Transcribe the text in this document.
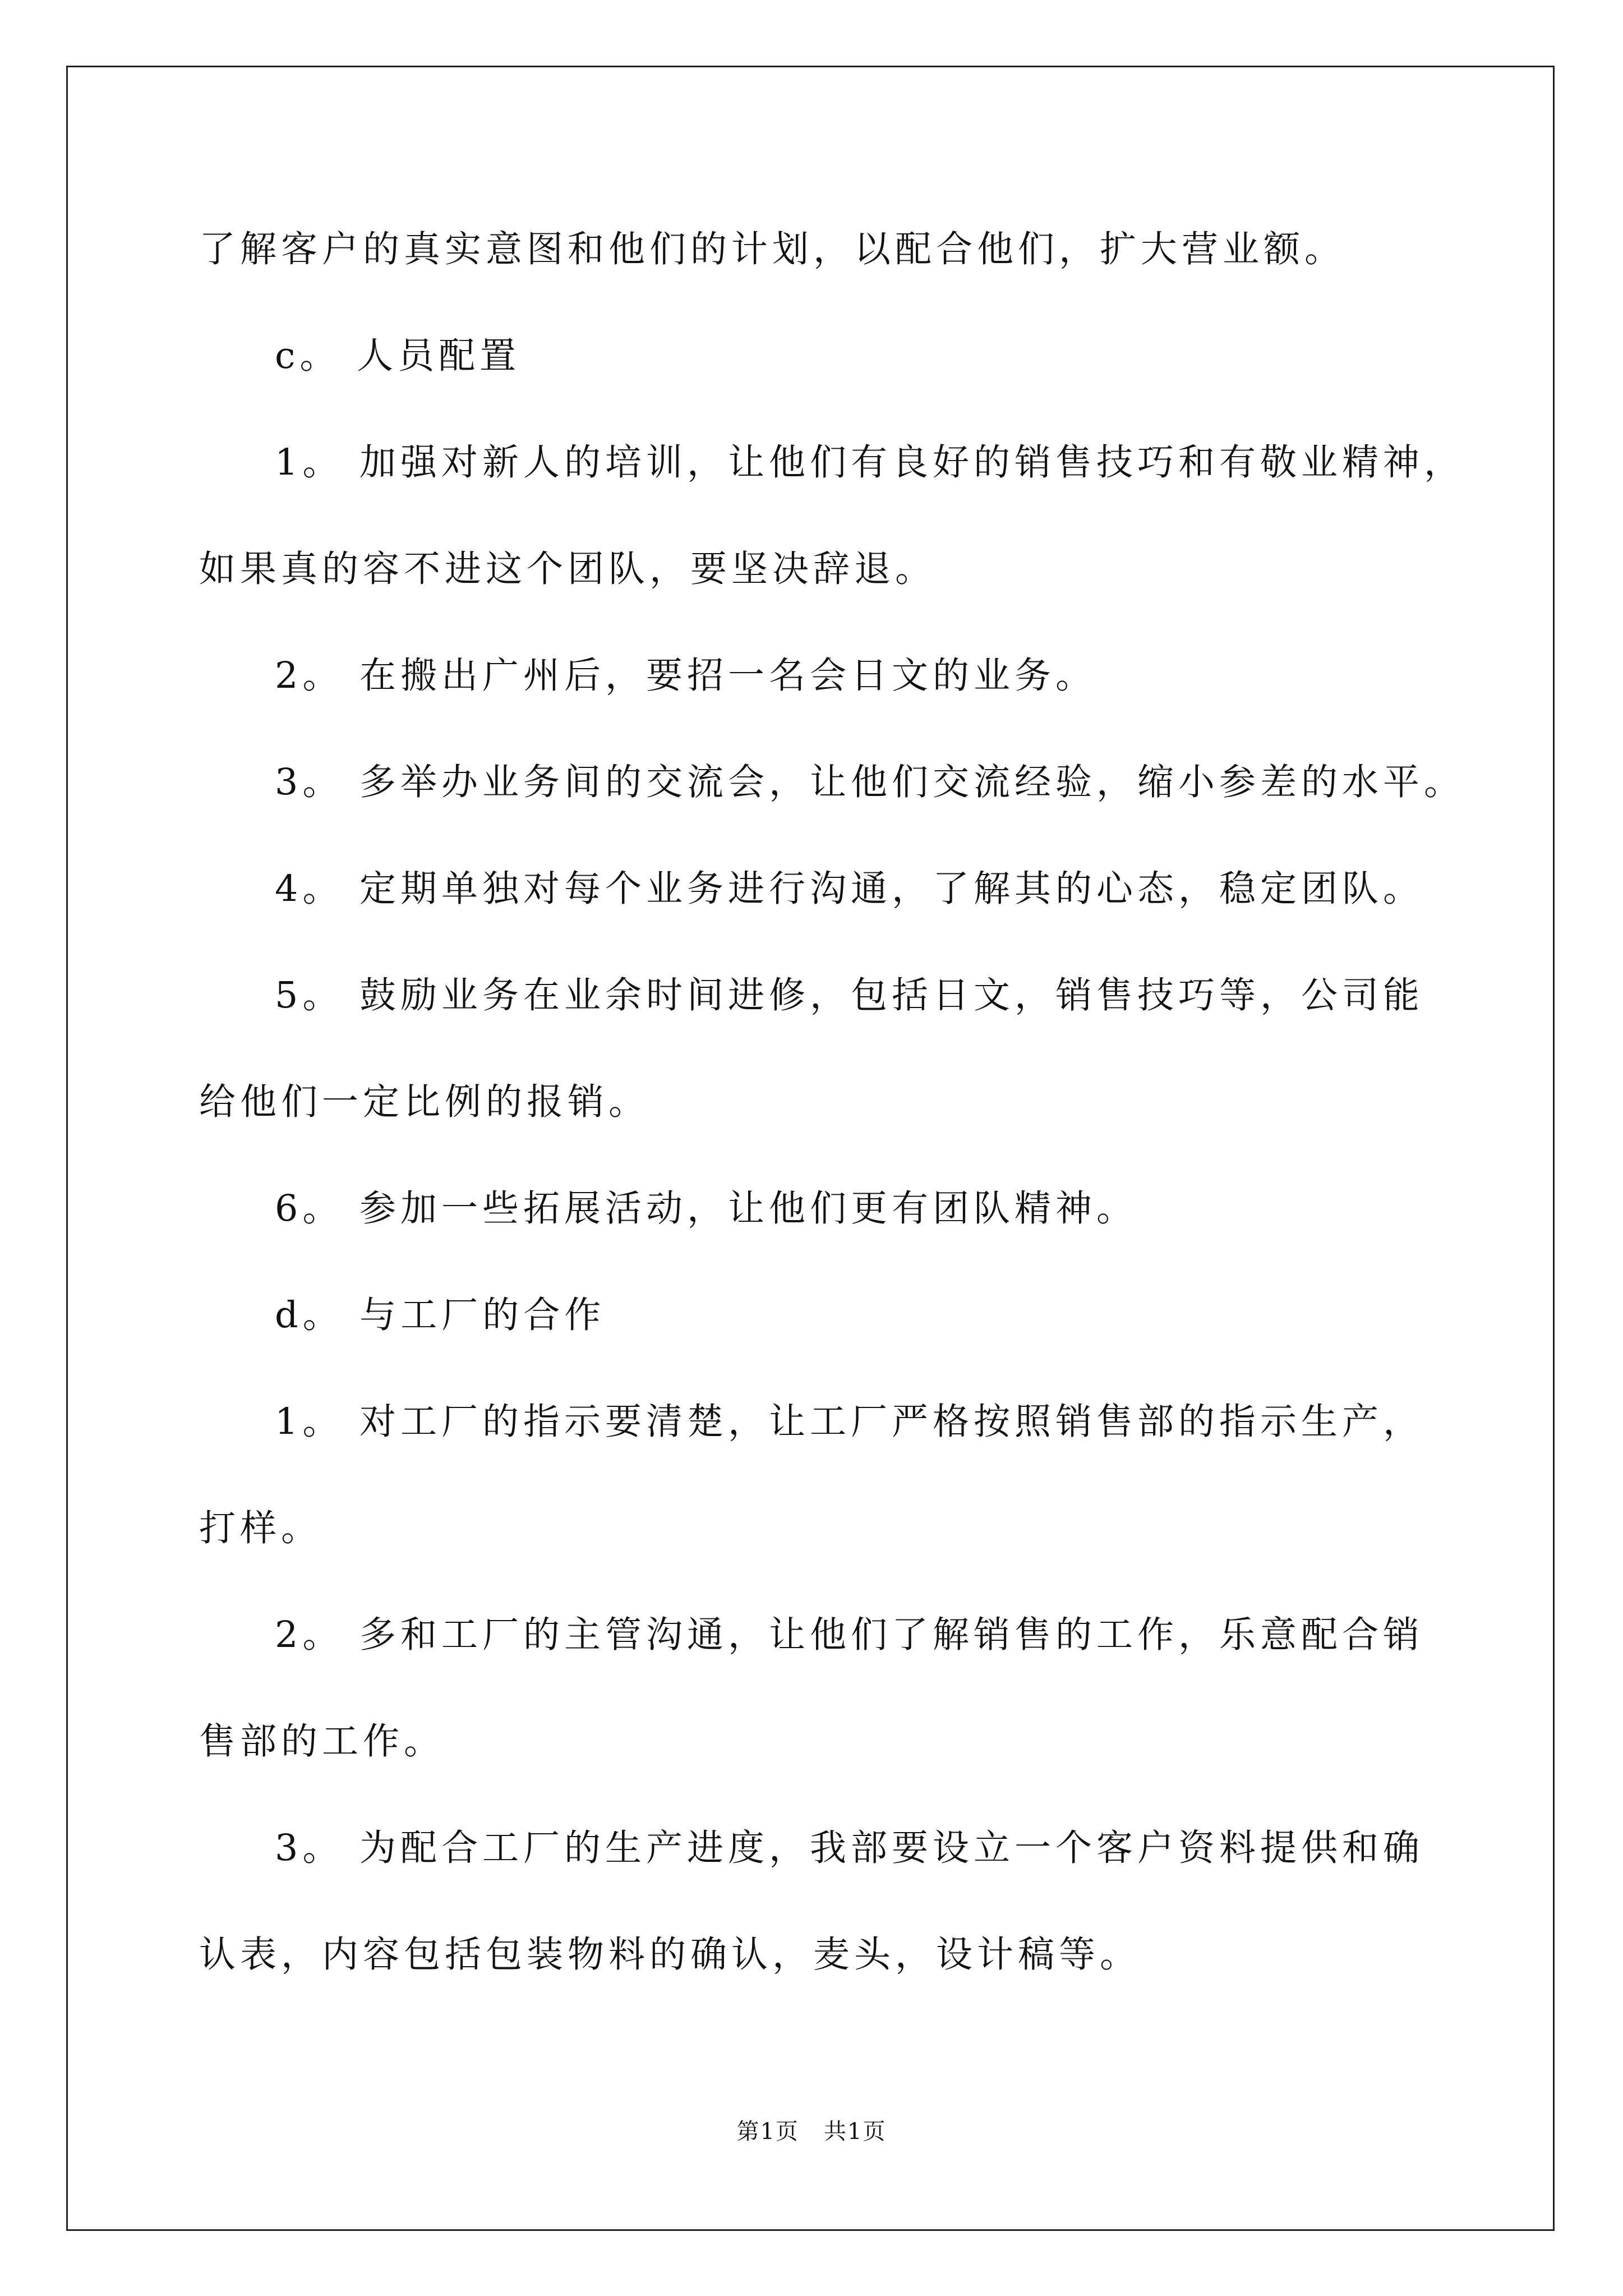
了解客户的真实意图和他们的计划，以配合他们，扩大营业额。
c。 人员配置
1。 加强对新人的培训，让他们有良好的销售技巧和有敬业精神，
如果真的容不进这个团队，要坚决辞退。
2。 在搬出广州后，要招一名会日文的业务。
3。 多举办业务间的交流会，让他们交流经验，缩小参差的水平。
4。 定期单独对每个业务进行沟通，了解其的心态，稳定团队。
5。 鼓励业务在业余时间进修，包括日文，销售技巧等，公司能
给他们一定比例的报销。
6。 参加一些拓展活动，让他们更有团队精神。
d。 与工厂的合作
1。 对工厂的指示要清楚，让工厂严格按照销售部的指示生产，
打样。
2。 多和工厂的主管沟通，让他们了解销售的工作，乐意配合销
售部的工作。
3。 为配合工厂的生产进度，我部要设立一个客户资料提供和确
认表，内容包括包装物料的确认，麦头，设计稿等。
第1页   共1页
